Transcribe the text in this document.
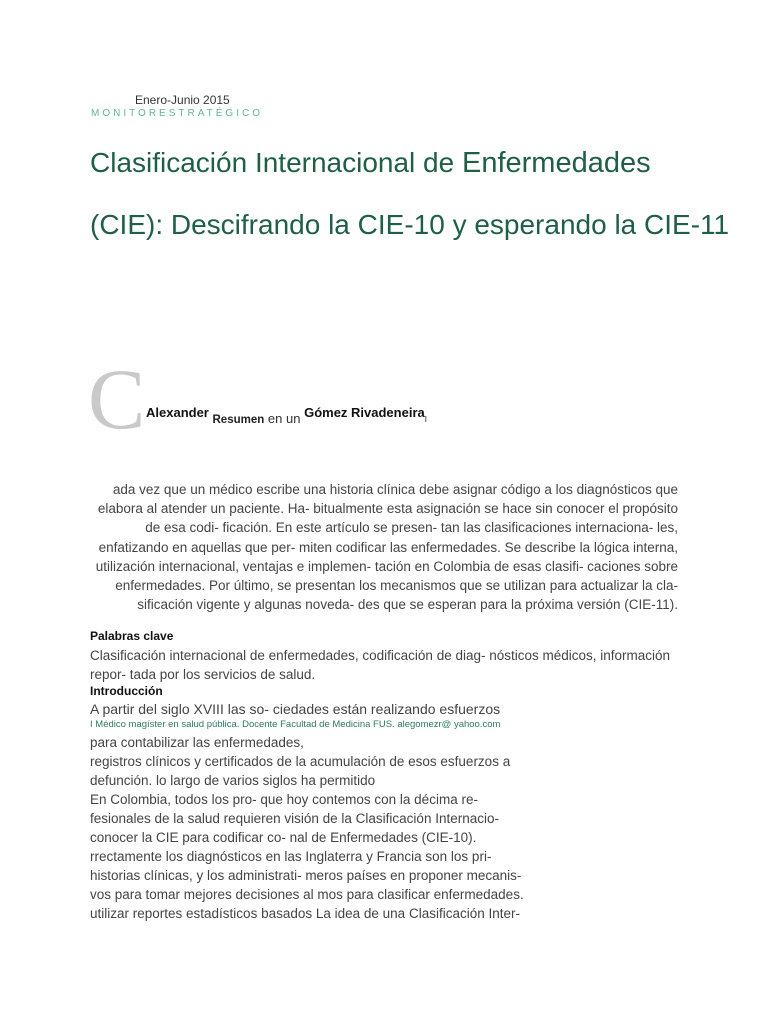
Enero-Junio 2015
MONITORESTRATÉGICO
Clasificación Internacional de Enfermedades (CIE): Descifrando la CIE-10 y esperando la CIE-11
C Alexander Resumen en un Gómez Rivadeneira$_I$

ada vez que un médico escribe una historia clínica debe asignar código a los diagnósticos que elabora al atender un paciente. Ha- bitualmente esta asignación se hace sin conocer el propósito de esa codi- ficación. En este artículo se presen- tan las clasificaciones internaciona- les, enfatizando en aquellas que per- miten codificar las enfermedades. Se describe la lógica interna, utilización internacional, ventajas e implemen- tación en Colombia de esas clasifi- caciones sobre enfermedades. Por último, se presentan los mecanismos que se utilizan para actualizar la cla- sificación vigente y algunas noveda- des que se esperan para la próxima versión (CIE-11).

Palabras clave

Clasificación internacional de enfermedades, codificación de diag- nósticos médicos, información repor- tada por los servicios de salud.

Introducción
A partir del siglo XVIII las so- ciedades están realizando esfuerzos
I Médico magíster en salud pública. Docente Facultad de Medicina FUS. alegomezr@ yahoo.com
para contabilizar las enfermedades,
registros clínicos y certificados de la acumulación de esos esfuerzos a
defunción. lo largo de varios siglos ha permitido
En Colombia, todos los pro- que hoy contemos con la décima re-
fesionales de la salud requieren visión de la Clasificación Internacio-
conocer la CIE para codificar co- nal de Enfermedades (CIE-10).
rrectamente los diagnósticos en las Inglaterra y Francia son los pri-
historias clínicas, y los administrati- meros países en proponer mecanis-
vos para tomar mejores decisiones al mos para clasificar enfermedades.
utilizar reportes estadísticos basados La idea de una Clasificación Inter-
